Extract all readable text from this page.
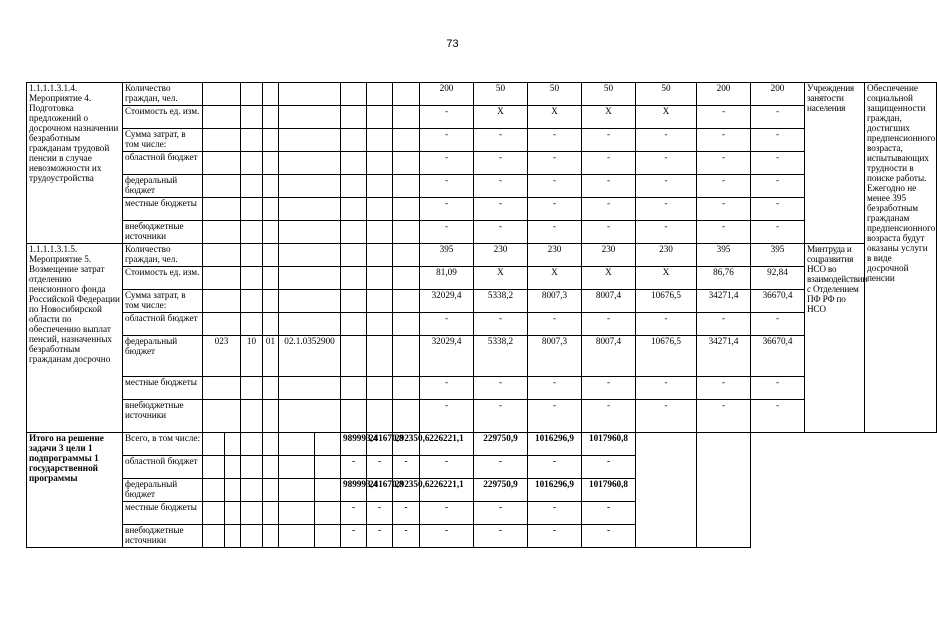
73
1.1.1.1.3.1.4. Мероприятие 4. Подготовка предложений о досрочном назначении безработным гражданам трудовой пенсии в случае невозможности их трудоустройства	Количество граждан, чел.										200	50	50	50	50	200	200	Учреждения занятости населения	Обеспечение социальной защищенности граждан, достигших предпенсионного возраста, испытывающих трудности в поиске работы. Ежегодно не менее 395 безработным гражданам предпенсионного возраста будут оказаны услуги в виде досрочной пенсии
	Стоимость ед. изм.										-	X	X	X	X	-	-		
	Сумма затрат, в том числе:										-	-	-	-	-	-	-		
	областной бюджет										-	-	-	-	-	-	-		
	федеральный бюджет										-	-	-	-	-	-	-		
	местные бюджеты										-	-	-	-	-	-	-		
	внебюджетные источники										-	-	-	-	-	-	-		
1.1.1.1.3.1.5. Мероприятие 5. Возмещение затрат отделению пенсионного фонда Российской Федерации по Новосибирской области по обеспечению выплат пенсий, назначенных безработным гражданам досрочно	Количество граждан, чел.										395	230	230	230	230	395	395	Минтруда и соцразвития НСО во взаимодействии с Отделением ПФ РФ по НСО	
	Стоимость ед. изм.										81,09	X	X	X	X	86,76	92,84		
	Сумма затрат, в том числе:										32029,4	5338,2	8007,3	8007,4	10676,5	34271,4	36670,4		
	областной бюджет										-	-	-	-	-	-	-		
	федеральный бюджет	023		10	01	02.1.0352900					32029,4	5338,2	8007,3	8007,4	10676,5	34271,4	36670,4		
	местные бюджеты										-	-	-	-	-	-	-		
	внебюджетные источники										-	-	-	-	-	-	-		
Итого на решение задачи 3 цели 1 подпрограммы 1 государственной программы	Всего, в том числе:							989993,4	241670,8	292350,6	226221,1	229750,9	1016296,9	1017960,8					
	областной бюджет							-	-	-	-	-	-	-					
	федеральный бюджет							989993,4	241670,8	292350,6	226221,1	229750,9	1016296,9	1017960,8					
	местные бюджеты							-	-	-	-	-	-	-					
	внебюджетные источники							-	-	-	-	-	-	-					
